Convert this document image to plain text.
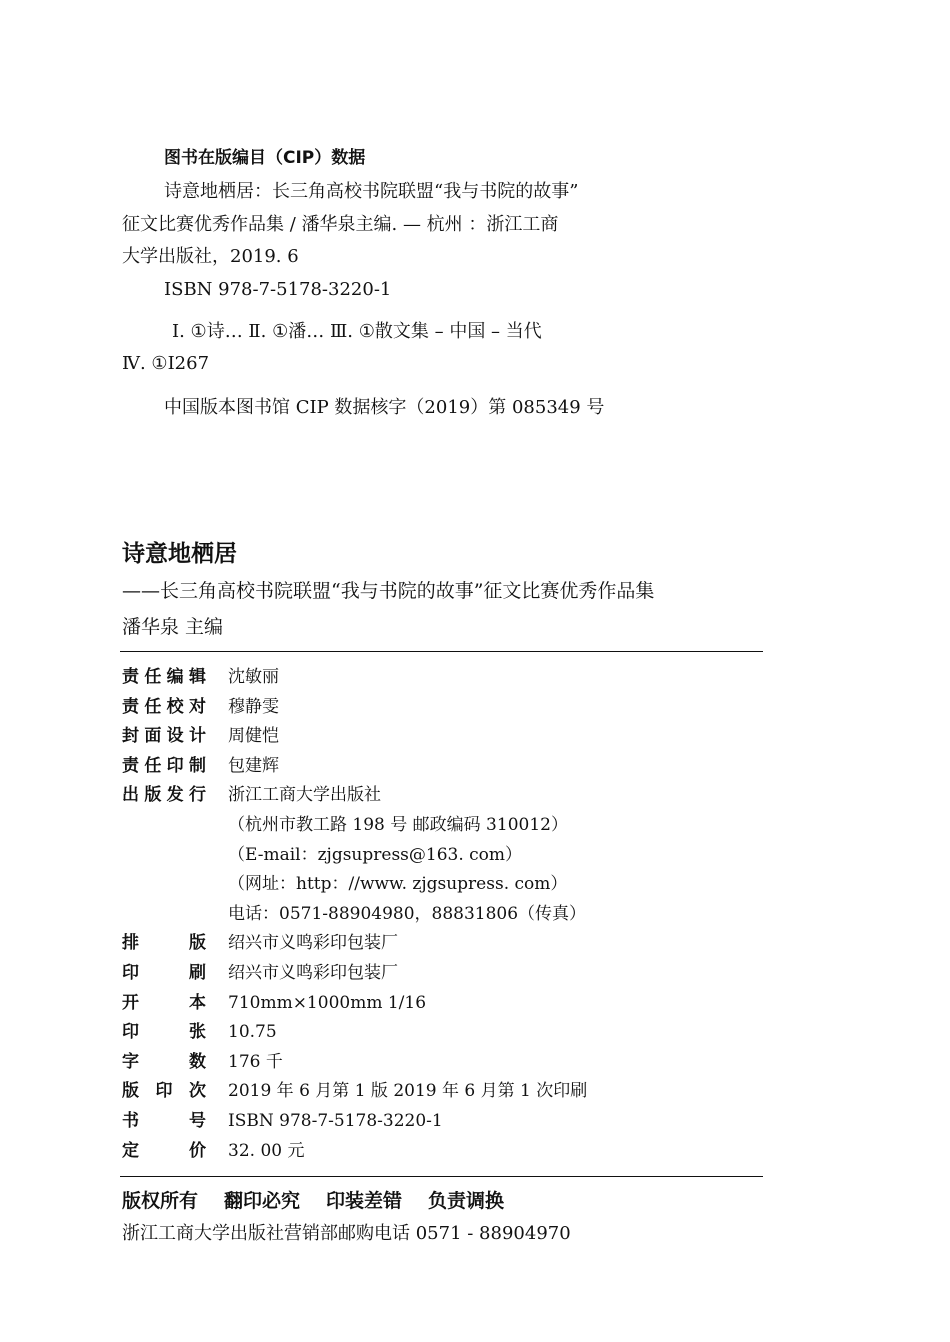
图书在版编目（CIP）数据
诗意地栖居：长三角高校书院联盟“我与书院的故事”
征文比赛优秀作品集 / 潘华泉主编. — 杭州 ：浙江工商
大学出版社，2019. 6
ISBN 978-7-5178-3220-1
Ⅰ. ①诗… Ⅱ. ①潘… Ⅲ. ①散文集 – 中国 – 当代
Ⅳ. ①I267
中国版本图书馆 CIP 数据核字（2019）第 085349 号
诗意地栖居
——长三角高校书院联盟“我与书院的故事”征文比赛优秀作品集
潘华泉 主编
责 任 编 辑 沈敏丽
责 任 校 对 穆静雯
封 面 设 计 周健恺
责 任 印 制 包建辉
出 版 发 行 浙江工商大学出版社
（杭州市教工路 198 号 邮政编码 310012）
（E-mail：zjgsupress@163. com）
（网址：http：//www. zjgsupress. com）
电话：0571-88904980，88831806（传真）
排	版 绍兴市义鸣彩印包装厂
印	刷 绍兴市义鸣彩印包装厂
开	本 710mm×1000mm 1/16
印	张 10.75
字	数 176 千
版 印 次 2019 年 6 月第 1 版 2019 年 6 月第 1 次印刷
书	号 ISBN 978-7-5178-3220-1
定	价 32. 00 元
版权所有 翻印必究 印装差错 负责调换
浙江工商大学出版社营销部邮购电话 0571 - 88904970
